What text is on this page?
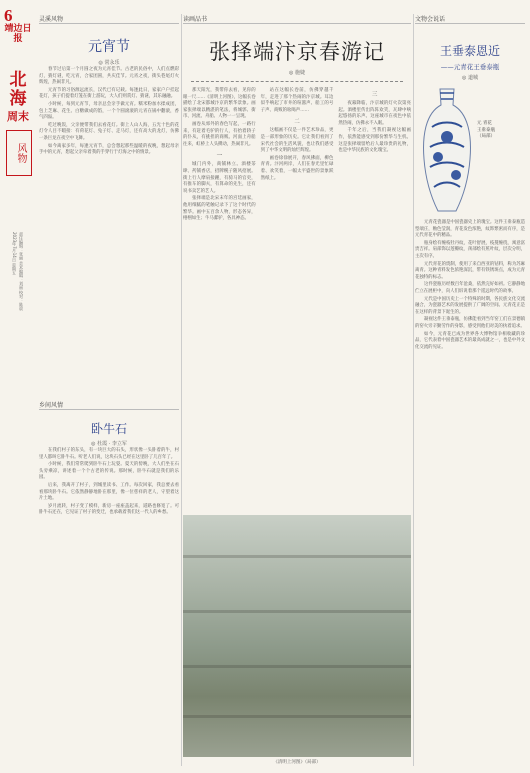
6
靖边日报
北
海
周末
风物
2023年7月14日 星期五 责任编辑：张丽 美术编辑：刘丽 校对：陈晨
灵溪风物
元宵节
◎ 常永乐

春节过后第一个月圆之夜为元宵佳节。古老的民俗中，人们点燃彩灯，猜灯谜，吃元宵，合家团圆，共庆佳节。元宵之夜，街头巷尾灯火辉煌，热闹非凡。

元宵节的习俗源远流长，汉代已有记载。每逢此日，家家户户挂起花灯，孩子们提着灯笼在街上游玩，大人们则赏灯、猜谜，其乐融融。

小时候，每到元宵节，母亲总会亲手做元宵。糯米粉加水揉成团，包上芝麻、花生、白糖做成的馅，一个个圆滚滚的元宵在锅中翻滚，香气四溢。

吃过晚饭，父亲便带我们去看花灯。街上人山人海，五光十色的花灯令人目不暇接：有荷花灯、兔子灯、走马灯，还有高大的龙灯，仿佛一条巨龙在夜空中飞舞。

如今离家多年，每逢元宵节，总会想起那些温暖的夜晚，想起母亲手中的元宵，想起父亲牵着我的手穿行于灯海之中的情景。

乡间风情
卧牛石
◎ 杜霞 · 李立军

在我们村子的东头，有一块巨大的石头，形状像一头卧着的牛，村里人都叫它卧牛石。听老人们说，这块石头已经在这里卧了几百年了。

小时候，我们常常爬到卧牛石上玩耍。夏天的傍晚，大人们坐在石头旁乘凉，讲述着一个个古老的传说。那时候，卧牛石就是我们的乐园。

后来，我离开了村子，到城里读书、工作。每次回家，我总要去看看那块卧牛石。它依然静静地卧在那里，像一位慈祥的老人，守望着这片土地。

岁月流转，村子变了模样，新房一座座盖起来，道路也修宽了。可卧牛石还在，它见证了村子的变迁，也承载着我们这一代人的乡愁。

读画品书
张择端汴京春游记
◎ 施婕

那天阳光，我带你去看，见你的眼一尺……《清明上河图》，这幅长卷描绘了北宋都城汴京的繁华景象。画家张择端以精湛的笔法，将城郭、街市、河流、舟船、人物一一呈现。

画卷从郊外的春色写起，一路行来，有赶着毛驴的行人，有抬着轿子的仆从，有挑担的商贩。河面上舟船往来，虹桥上人头攒动，热闹非凡。

一

城门内外，商铺林立。酒楼茶肆、药铺香店，招牌幌子随风招展。街上行人摩肩接踵，有骑马的官吏，有推车的脚夫，有算命的先生，还有说书卖艺的艺人。

张择端是北宋末年的宫廷画家，他用细腻的笔触记录下了这个时代的繁华。画中五百余人物，形态各异，栩栩如生；牛马骡驴，各具神态。

站在这幅长卷前，仿佛穿越千年，走进了那个热闹的汴京城。耳边似乎响起了市井的喧嚣声、船工的号子声、商贩的吆喝声……

二

这幅画不仅是一件艺术珍品，更是一部形象的历史。它让我们看到了宋代社会的生活风貌，也让我们感受到了中华文明的灿烂辉煌。

画卷徐徐展开，春风拂面，柳色青青。汴河两岸，人们在春光里忙碌着、欢笑着，一幅太平盛世的景象跃然纸上。

三

夜幕降临，汴京城的灯火次第亮起。酒楼里传出阵阵欢笑，瓦肆中响起悠扬的乐声。这座城市在夜色中依然热闹，仿佛永不入眠。

千年之后，当我们凝视这幅画作，依然能感受到那份繁华与生机。这是张择端留给后人最珍贵的礼物，也是中华民族的文化瑰宝。

《清明上河图》（局部）
文物会说话
王垂泰恩近
——元青花王垂泰瓶
◎ 道城
元 青花
王垂泰瓶
（局部）

元青花瓷器是中国瓷器史上的瑰宝。这件王垂泰瓶造型端庄，釉色莹润，青花发色浓艳，纹饰繁密而有序，是元代青花中的精品。

瓶身绘有缠枝牡丹纹，花叶舒展，枝蔓缠绕，寓意富贵吉祥。肩部饰以莲瓣纹，颈部绘有蕉叶纹，层次分明，主次有序。

元代青花的烧制，使用了来自西亚的钴料，称为苏麻离青。这种青料发色浓艳深沉，带有铁锈斑点，成为元青花独特的标志。

这件瓷瓶历经数百年沧桑，依然完好如初。它静静地伫立在展柜中，向人们诉说着那个遥远时代的故事。

元代是中国历史上一个特殊的时期，各民族文化交流融合，为瓷器艺术的发展提供了广阔的空间。元青花正是在这样的背景下诞生的。

凝视这件王垂泰瓶，仿佛能看到当年窑工们在景德镇的窑火旁辛勤劳作的身影，感受到他们对美的执着追求。

如今，元青花已成为世界各大博物馆争相收藏的珍品，它代表着中国瓷器艺术的最高成就之一，也是中外文化交流的见证。
